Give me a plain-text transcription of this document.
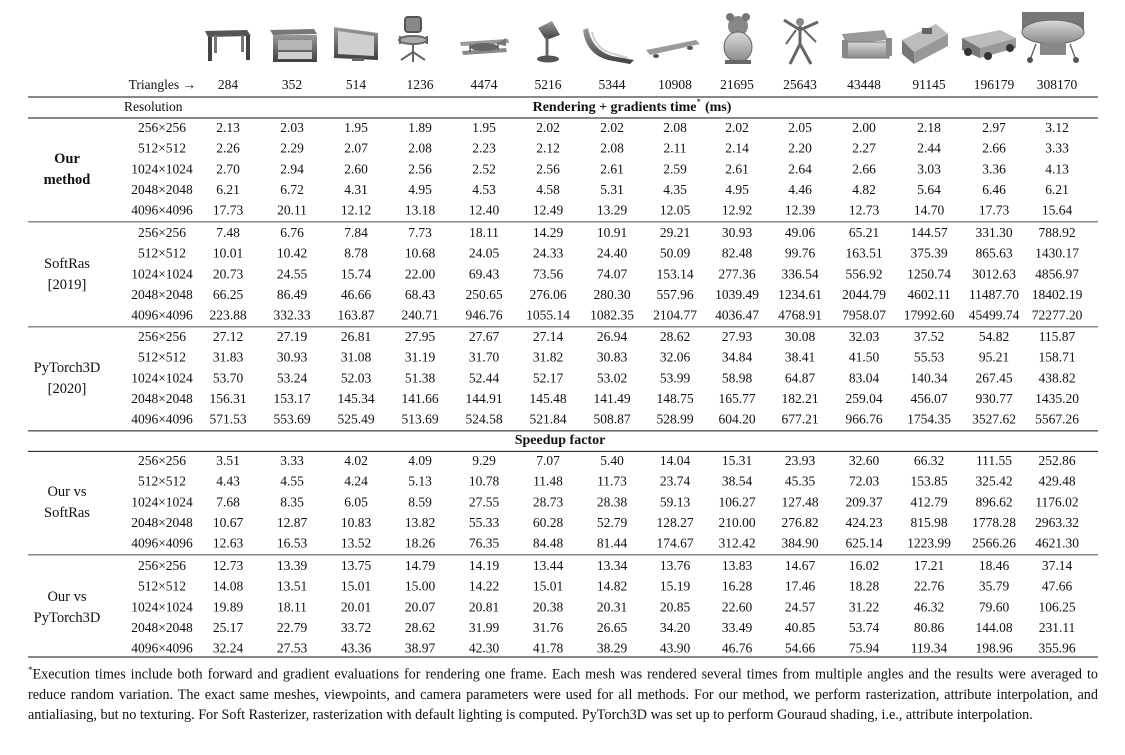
Triangles → 284	352	514	1236	4474	5216	5344 10908 21695 25643 43448 91145 196179 308170
Resolution	Rendering + gradients time* (ms)
256×256 2.13	2.03	1.95	1.89	1.95	2.02	2.02	2.08	2.02	2.05	2.00	2.18	2.97	3.12
512×512 2.26	2.29	2.07	2.08	2.23	2.12	2.08	2.11	2.14	2.20	2.27	2.44	2.66	3.33
1024×1024 2.70	2.94	2.60	2.56	2.52	2.56	2.61	2.59	2.61	2.64	2.66	3.03	3.36	4.13
2048×2048 6.21	6.72	4.31	4.95	4.53	4.58	5.31	4.35	4.95	4.46	4.82	5.64	6.46	6.21
4096×4096 17.73	20.11	12.12 13.18 12.40 12.49 13.29 12.05 12.92 12.39 12.73	14.70	17.73 15.64
Our
method
256×256 7.48	6.76	7.84	7.73	18.11	14.29 10.91 29.21 30.93 49.06 65.21 144.57 331.30 788.92
512×512 10.01 10.42	8.78	10.68 24.05 24.33 24.40 50.09 82.48 99.76 163.51 375.39 865.63 1430.17
1024×1024 20.73 24.55 15.74 22.00 69.43 73.56 74.07 153.14 277.36 336.54 556.92 1250.74 3012.63 4856.97
2048×2048 66.25 86.49 46.66 68.43 250.65 276.06 280.30 557.96 1039.49 1234.61 2044.79 4602.11 11487.70 18402.19
4096×4096 223.88 332.33 163.87 240.71 946.76 1055.14 1082.35 2104.77 4036.47 4768.91 7958.07 17992.60 45499.74 72277.20
SoftRas
[2019]
256×256 27.12 27.19 26.81 27.95 27.67 27.14 26.94 28.62 27.93 30.08 32.03	37.52	54.82 115.87
512×512 31.83 30.93 31.08 31.19 31.70 31.82 30.83 32.06 34.84 38.41 41.50	55.53	95.21 158.71
1024×1024 53.70 53.24 52.03 51.38 52.44 52.17 53.02 53.99 58.98 64.87 83.04 140.34 267.45 438.82
2048×2048 156.31 153.17 145.34 141.66 144.91 145.48 141.49 148.75 165.77 182.21 259.04 456.07 930.77 1435.20
4096×4096 571.53 553.69 525.49 513.69 524.58 521.84 508.87 528.99 604.20 677.21 966.76 1754.35 3527.62 5567.26
PyTorch3D
[2020]
Speedup factor
256×256 3.51	3.33	4.02	4.09	9.29	7.07	5.40	14.04 15.31 23.93 32.60	66.32 111.55 252.86
512×512 4.43	4.55	4.24	5.13	10.78	11.48	11.73 23.74 38.54 45.35 72.03 153.85 325.42 429.48
1024×1024 7.68	8.35	6.05	8.59	27.55 28.73 28.38 59.13 106.27 127.48 209.37 412.79 896.62 1176.02
2048×2048 10.67 12.87 10.83 13.82 55.33 60.28 52.79 128.27 210.00 276.82 424.23 815.98 1778.28 2963.32
4096×4096 12.63 16.53 13.52 18.26 76.35 84.48 81.44 174.67 312.42 384.90 625.14 1223.99 2566.26 4621.30
Our vs
SoftRas
256×256 12.73 13.39 13.75 14.79 14.19 13.44 13.34 13.76 13.83 14.67 16.02	17.21	18.46 37.14
512×512 14.08 13.51 15.01 15.00 14.22 15.01 14.82 15.19 16.28 17.46 18.28	22.76	35.79 47.66
1024×1024 19.89	18.11	20.01 20.07 20.81 20.38 20.31 20.85 22.60 24.57 31.22	46.32	79.60 106.25
2048×2048 25.17 22.79 33.72 28.62 31.99 31.76 26.65 34.20 33.49 40.85 53.74	80.86 144.08 231.11
4096×4096 32.24 27.53 43.36 38.97 42.30 41.78 38.29 43.90 46.76 54.66 75.94 119.34 198.96 355.96
Our vs
PyTorch3D

*Execution times include both forward and gradient evaluations for rendering one frame. Each mesh was rendered several times from multiple angles and the results were averaged to reduce random variation. The exact same meshes, viewpoints, and camera parameters were used for all methods. For our method, we perform rasterization, attribute interpolation, and antialiasing, but no texturing. For Soft Rasterizer, rasterization with default lighting is computed. PyTorch3D was set up to perform Gouraud shading, i.e., attribute interpolation.
